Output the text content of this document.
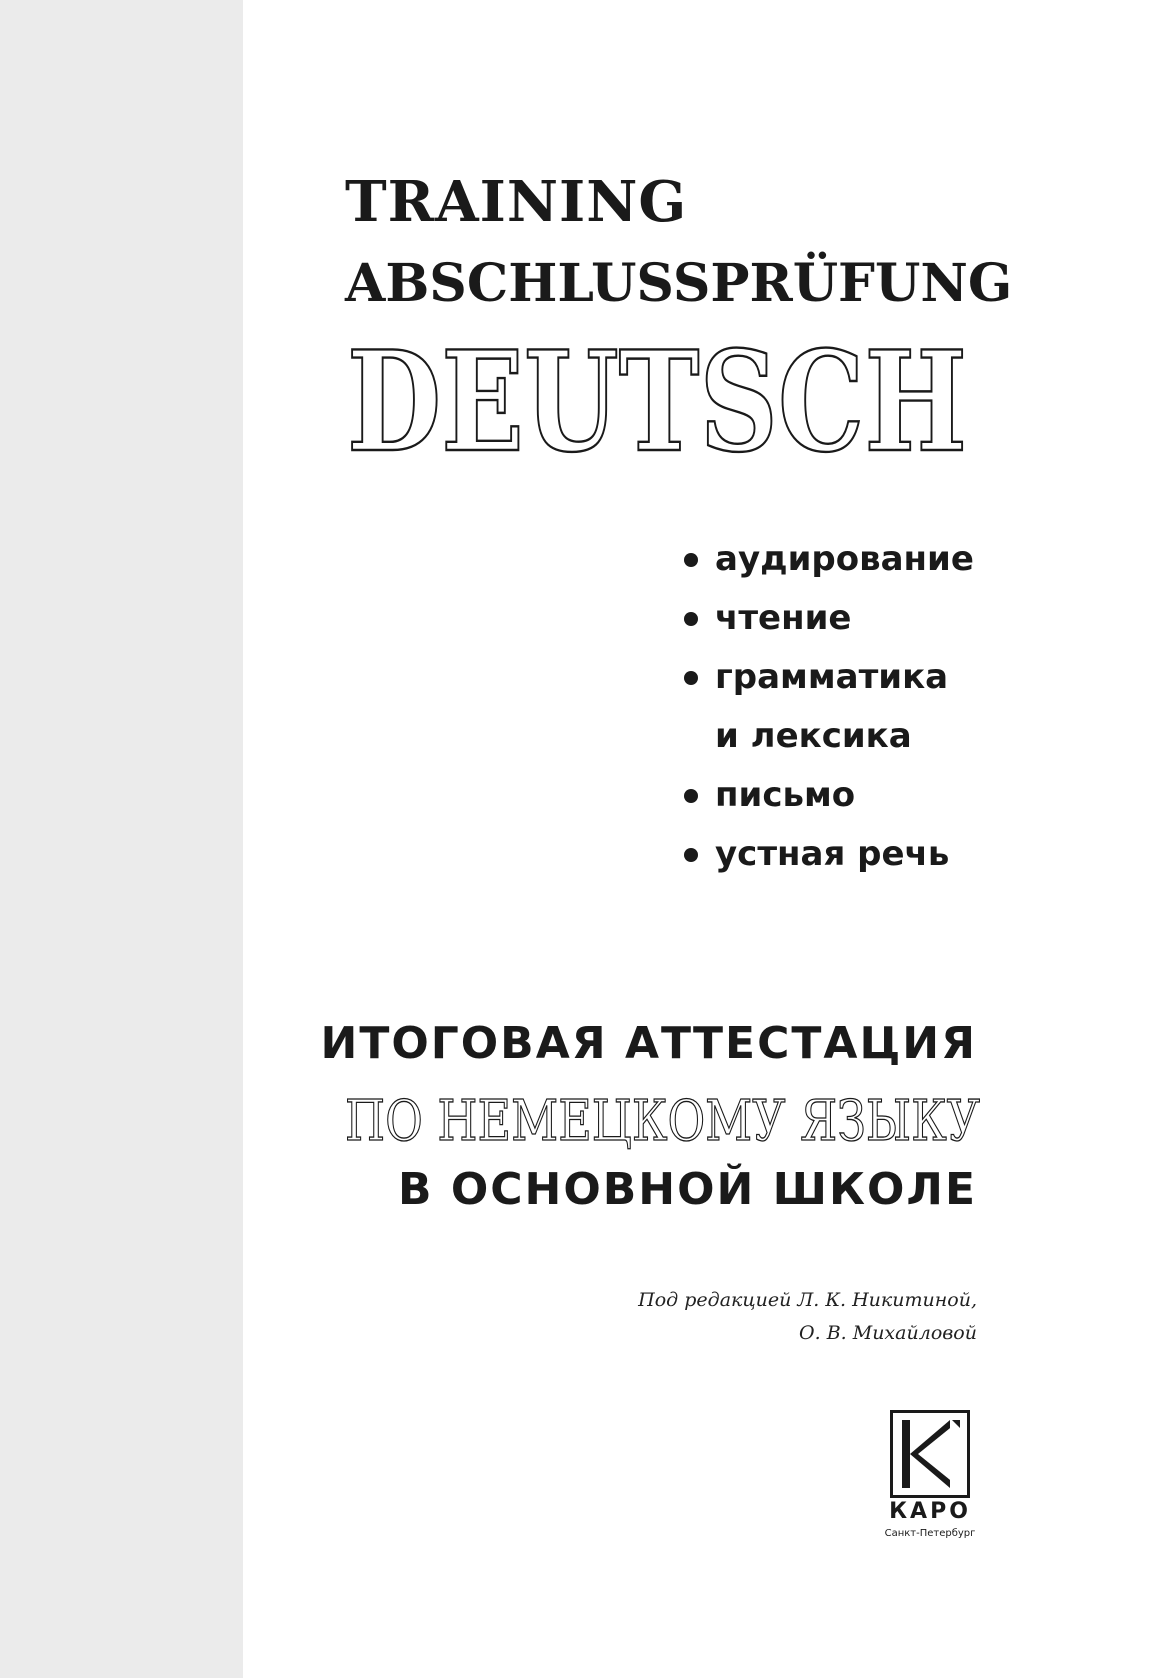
TRAINING
ABSCHLUSSPRÜFUNG
DEUTSCH
аудирование
чтение
грамматика
и лексика
письмо
устная речь
ИТОГОВАЯ АТТЕСТАЦИЯ
ПО НЕМЕЦКОМУ ЯЗЫКУ
В ОСНОВНОЙ ШКОЛЕ
Под редакцией Л. К. Никитиной,
О. В. Михайловой
КАРО
Санкт-Петербург
